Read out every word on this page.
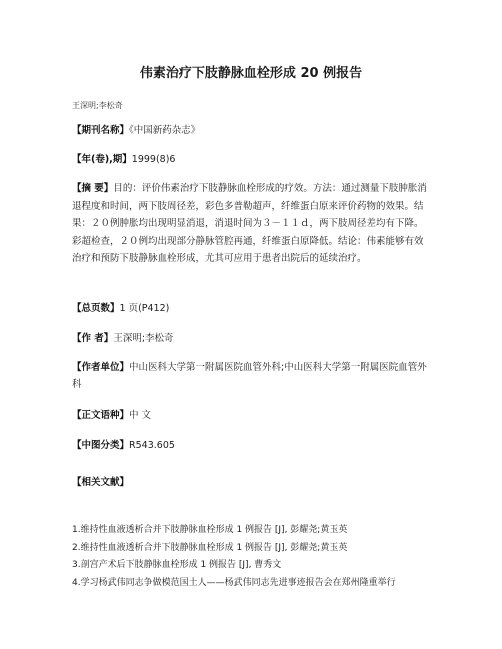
伟素治疗下肢静脉血栓形成 20 例报告
王深明;李松奇
【期刊名称】《中国新药杂志》
【年(卷),期】1999(8)6
【摘 要】目的：评价伟素治疗下肢静脉血栓形成的疗效。方法：通过测量下肢肿胀消退程度和时间，两下肢周径差，彩色多普勒超声，纤维蛋白原来评价药物的效果。结果：２０例肿胀均出现明显消退，消退时间为３－１１ｄ，两下肢周径差均有下降。彩超检查，２０例均出现部分静脉管腔再通，纤维蛋白原降低。结论：伟素能够有效治疗和预防下肢静脉血栓形成，尤其可应用于患者出院后的延续治疗。
【总页数】1 页(P412)
【作 者】王深明;李松奇
【作者单位】中山医科大学第一附属医院血管外科;中山医科大学第一附属医院血管外科
【正文语种】中 文
【中图分类】R543.605
【相关文献】
1.维持性血液透析合并下肢静脉血栓形成 1 例报告 [J], 彭耀尧;黄玉英
2.维持性血液透析合并下肢静脉血栓形成 1 例报告 [J], 彭耀尧;黄玉英
3.剖宫产术后下肢静脉血栓形成 1 例报告 [J], 曹秀文
4.学习杨武伟同志争做模范国土人——杨武伟同志先进事迹报告会在郑州隆重举行
